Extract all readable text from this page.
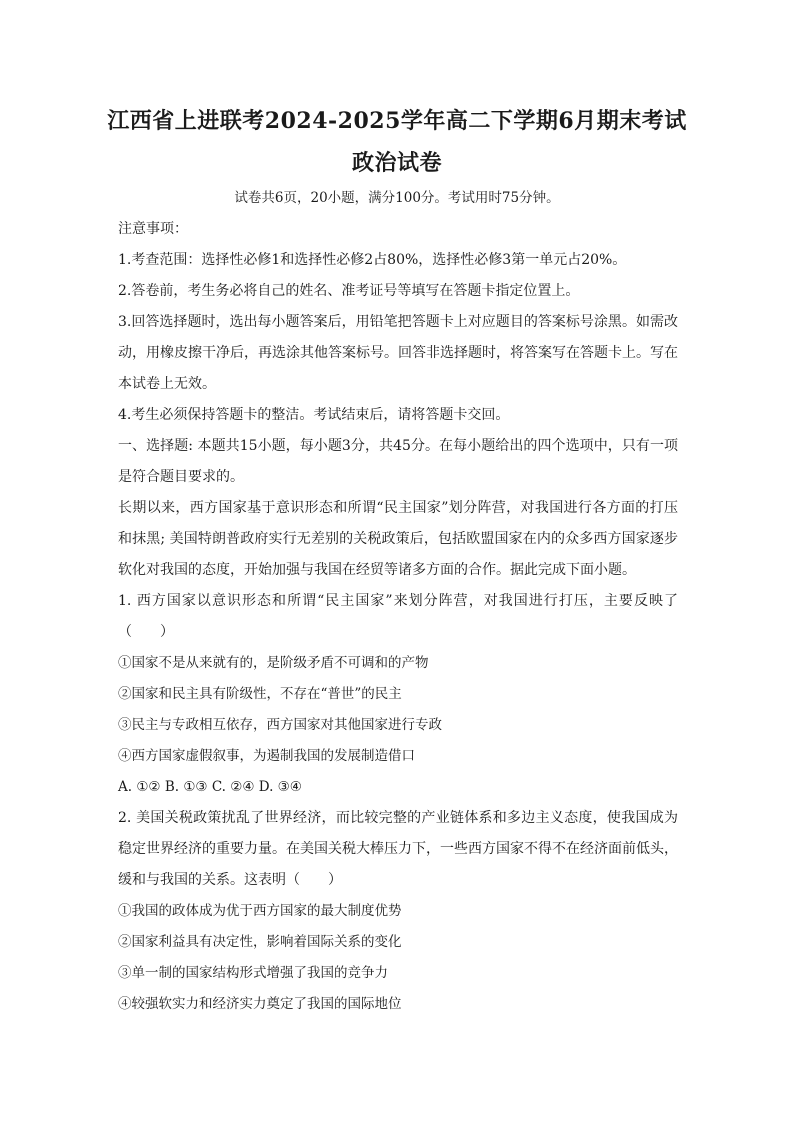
江西省上进联考2024-2025学年高二下学期6月期末考试
政治试卷
试卷共6页，20小题，满分100分。考试用时75分钟。
注意事项：
1.考查范围：选择性必修1和选择性必修2占80%，选择性必修3第一单元占20%。
2.答卷前，考生务必将自己的姓名、准考证号等填写在答题卡指定位置上。
3.回答选择题时，选出每小题答案后，用铅笔把答题卡上对应题目的答案标号涂黑。如需改动，用橡皮擦干净后，再选涂其他答案标号。回答非选择题时，将答案写在答题卡上。写在本试卷上无效。
4.考生必须保持答题卡的整洁。考试结束后，请将答题卡交回。
一、选择题: 本题共15小题，每小题3分，共45分。在每小题给出的四个选项中，只有一项是符合题目要求的。
长期以来，西方国家基于意识形态和所谓“民主国家”划分阵营，对我国进行各方面的打压和抹黑; 美国特朗普政府实行无差别的关税政策后，包括欧盟国家在内的众多西方国家逐步软化对我国的态度，开始加强与我国在经贸等诸多方面的合作。据此完成下面小题。
1. 西方国家以意识形态和所谓“民主国家”来划分阵营，对我国进行打压，主要反映了（　　）
①国家不是从来就有的，是阶级矛盾不可调和的产物
②国家和民主具有阶级性，不存在“普世”的民主
③民主与专政相互依存，西方国家对其他国家进行专政
④西方国家虚假叙事，为遏制我国的发展制造借口
A. ①② B. ①③ C. ②④ D. ③④
2. 美国关税政策扰乱了世界经济，而比较完整的产业链体系和多边主义态度，使我国成为稳定世界经济的重要力量。在美国关税大棒压力下，一些西方国家不得不在经济面前低头，缓和与我国的关系。这表明（　　）
①我国的政体成为优于西方国家的最大制度优势
②国家利益具有决定性，影响着国际关系的变化
③单一制的国家结构形式增强了我国的竞争力
④较强软实力和经济实力奠定了我国的国际地位
